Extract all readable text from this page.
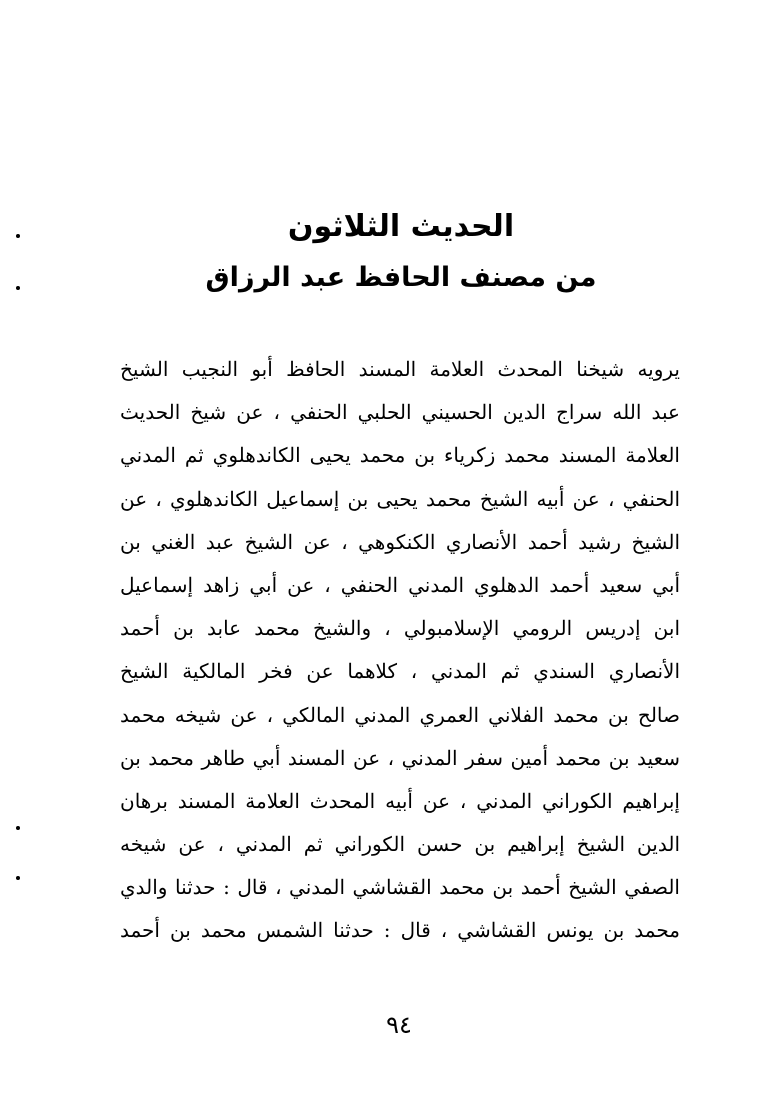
الحديث الثلاثون
من مصنف الحافظ عبد الرزاق
يرويه شيخنا المحدث العلامة المسند الحافظ أبو النجيب الشيخ
عبد الله سراج الدين الحسيني الحلبي الحنفي ، عن شيخ الحديث
العلامة المسند محمد زكرياء بن محمد يحيى الكاندهلوي ثم المدني
الحنفي ، عن أبيه الشيخ محمد يحيى بن إسماعيل الكاندهلوي ، عن
الشيخ رشيد أحمد الأنصاري الكنكوهي ، عن الشيخ عبد الغني بن
أبي سعيد أحمد الدهلوي المدني الحنفي ، عن أبي زاهد إسماعيل
ابن إدريس الرومي الإسلامبولي ، والشيخ محمد عابد بن أحمد
الأنصاري السندي ثم المدني ، كلاهما عن فخر المالكية الشيخ
صالح بن محمد الفلاني العمري المدني المالكي ، عن شيخه محمد
سعيد بن محمد أمين سفر المدني ، عن المسند أبي طاهر محمد بن
إبراهيم الكوراني المدني ، عن أبيه المحدث العلامة المسند برهان
الدين الشيخ إبراهيم بن حسن الكوراني ثم المدني ، عن شيخه
الصفي الشيخ أحمد بن محمد القشاشي المدني ، قال : حدثنا والدي
محمد بن يونس القشاشي ، قال : حدثنا الشمس محمد بن أحمد
٩٤
